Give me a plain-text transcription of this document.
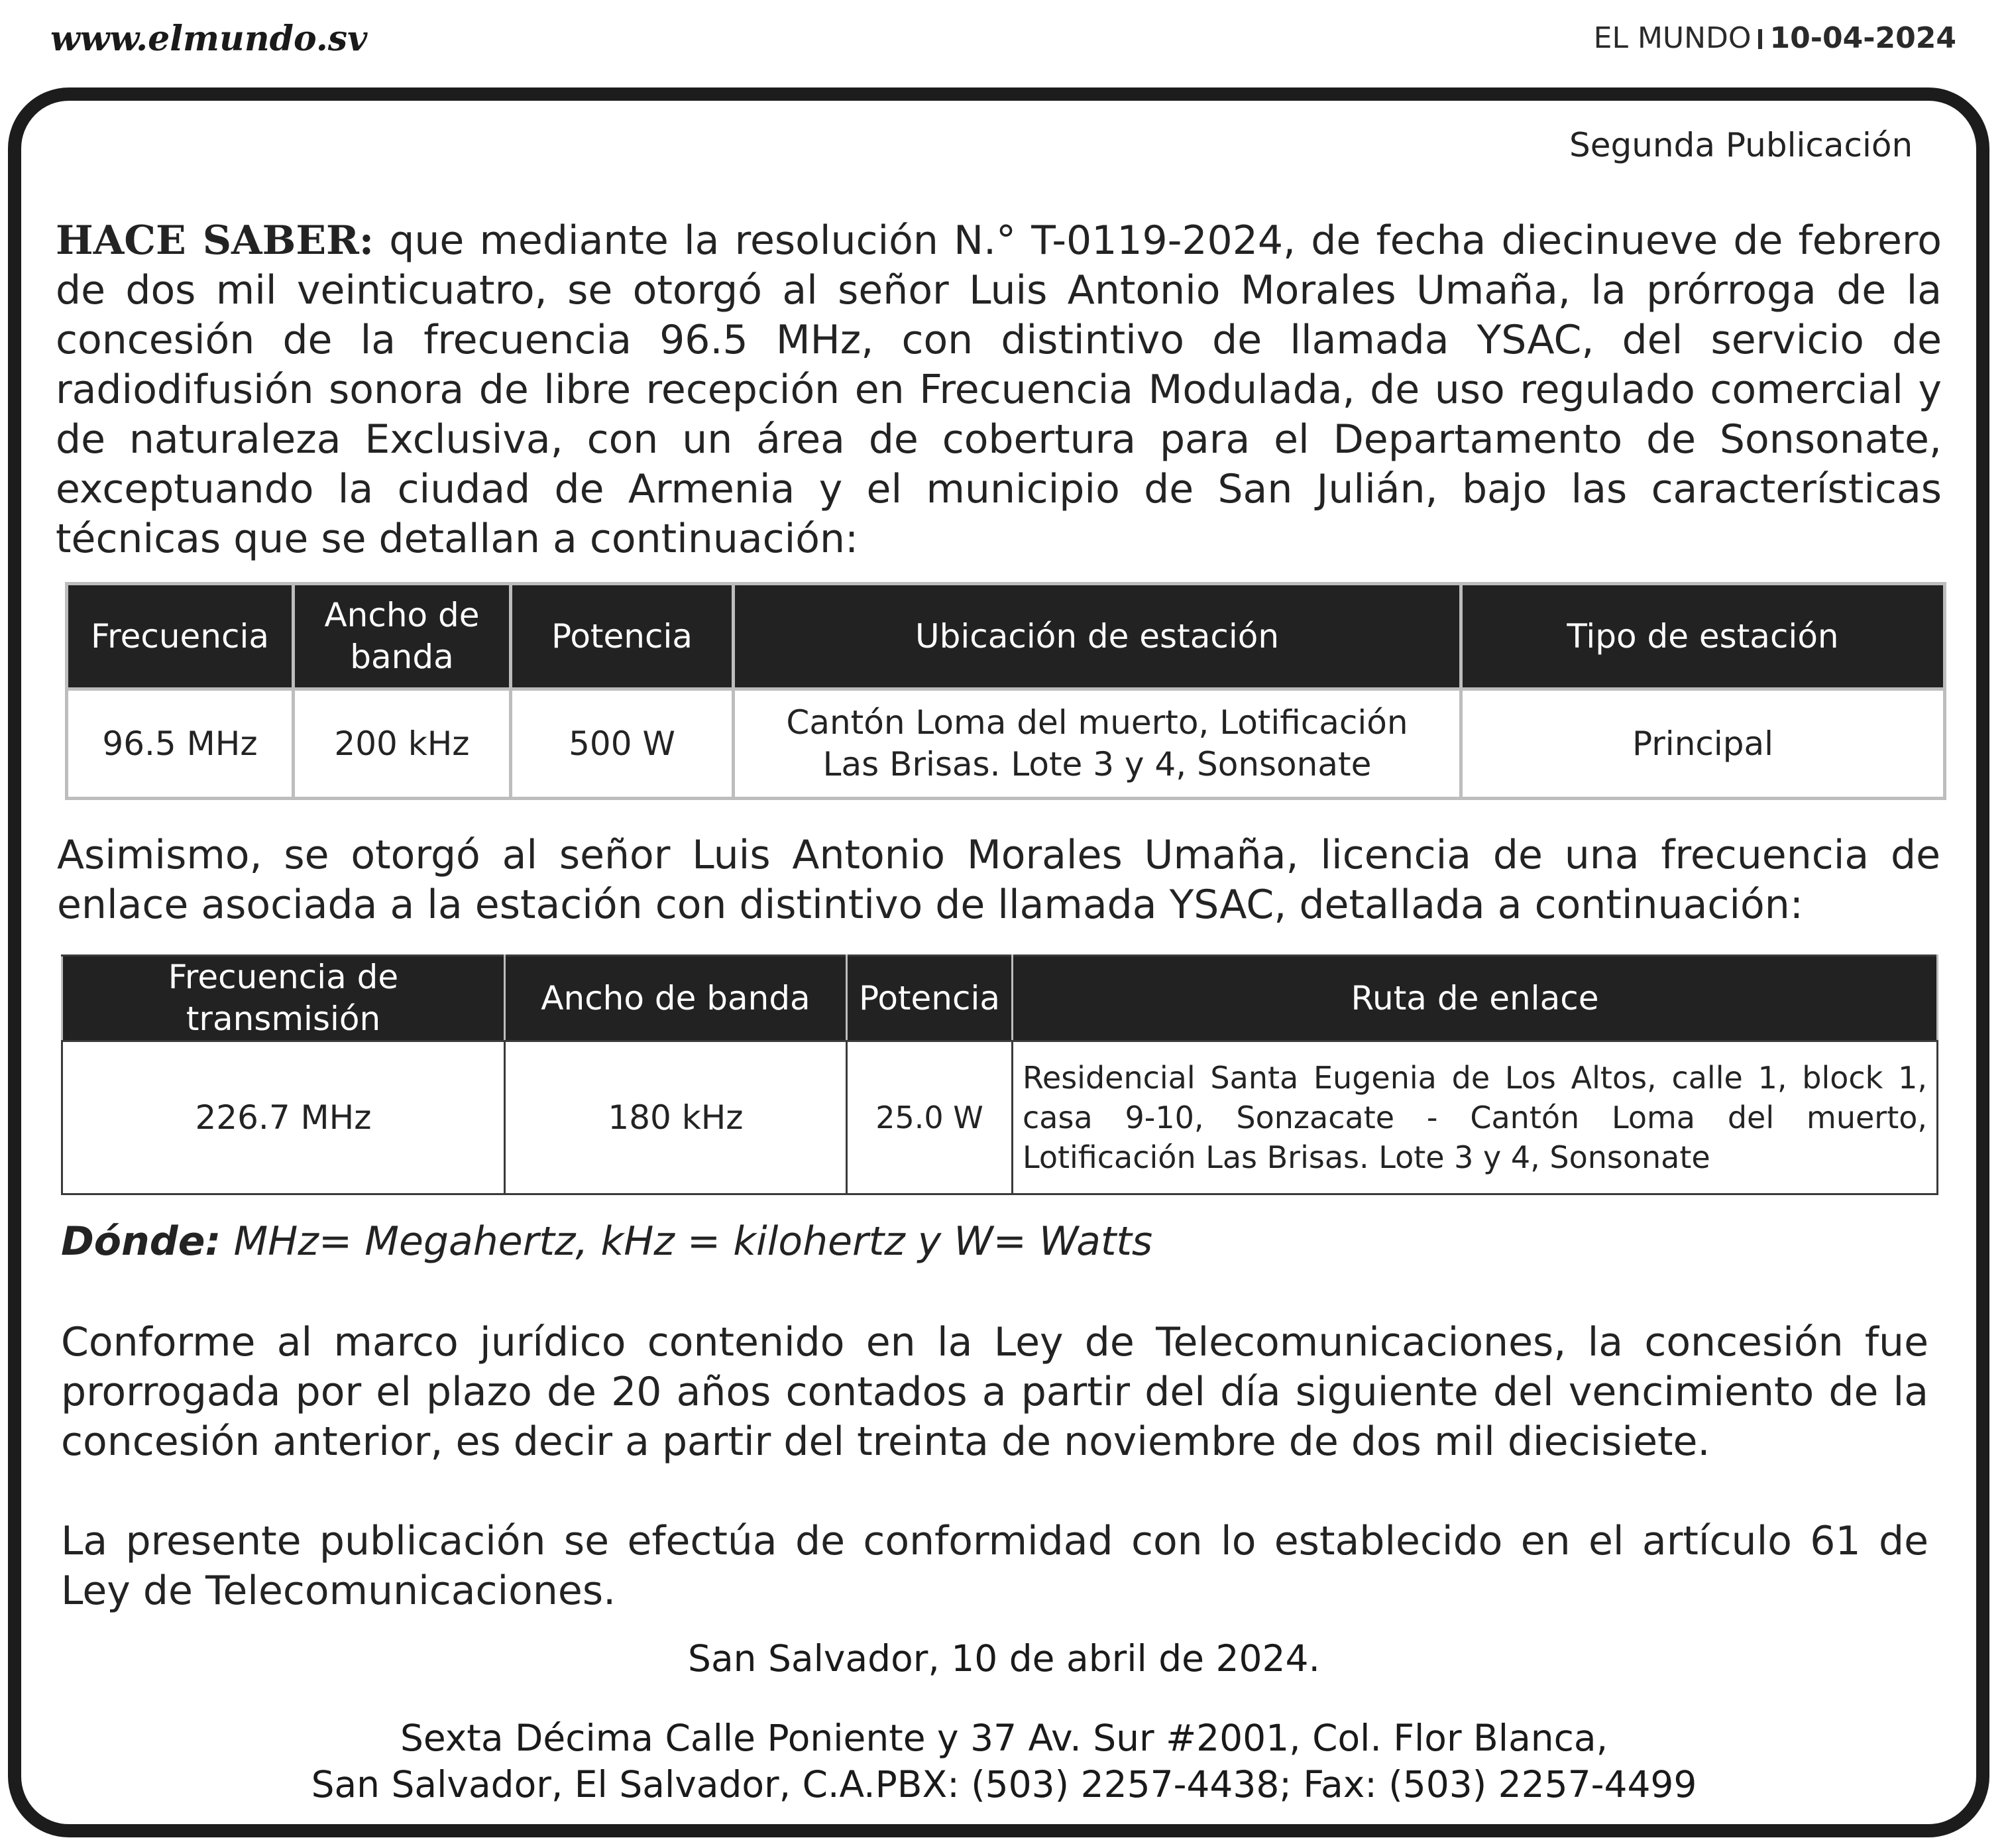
www.elmundo.sv	EL MUNDO 10-04-2024
Segunda Publicación
HACE SABER: que mediante la resolución N.° T-0119-2024, de fecha diecinueve de febrero de dos mil veinticuatro, se otorgó al señor Luis Antonio Morales Umaña, la prórroga de la concesión de la frecuencia 96.5 MHz, con distintivo de llamada YSAC, del servicio de radiodifusión sonora de libre recepción en Frecuencia Modulada, de uso regulado comercial y de naturaleza Exclusiva, con un área de cobertura para el Departamento de Sonsonate, exceptuando la ciudad de Armenia y el municipio de San Julián, bajo las características técnicas que se detallan a continuación:
Frecuencia	Ancho de banda	Potencia	Ubicación de estación	Tipo de estación
96.5 MHz	200 kHz	500 W	Cantón Loma del muerto, Lotificación Las Brisas. Lote 3 y 4, Sonsonate	Principal
Asimismo, se otorgó al señor Luis Antonio Morales Umaña, licencia de una frecuencia de enlace asociada a la estación con distintivo de llamada YSAC, detallada a continuación:
Frecuencia de transmisión	Ancho de banda	Potencia	Ruta de enlace
226.7 MHz	180 kHz	25.0 W	Residencial Santa Eugenia de Los Altos, calle 1, block 1, casa 9-10, Sonzacate - Cantón Loma del muerto, Lotificación Las Brisas. Lote 3 y 4, Sonsonate
Dónde: MHz= Megahertz, kHz = kilohertz y W= Watts
Conforme al marco jurídico contenido en la Ley de Telecomunicaciones, la concesión fue prorrogada por el plazo de 20 años contados a partir del día siguiente del vencimiento de la concesión anterior, es decir a partir del treinta de noviembre de dos mil diecisiete.
La presente publicación se efectúa de conformidad con lo establecido en el artículo 61 de Ley de Telecomunicaciones.
San Salvador, 10 de abril de 2024.
Sexta Décima Calle Poniente y 37 Av. Sur #2001, Col. Flor Blanca,
San Salvador, El Salvador, C.A.PBX: (503) 2257-4438; Fax: (503) 2257-4499
